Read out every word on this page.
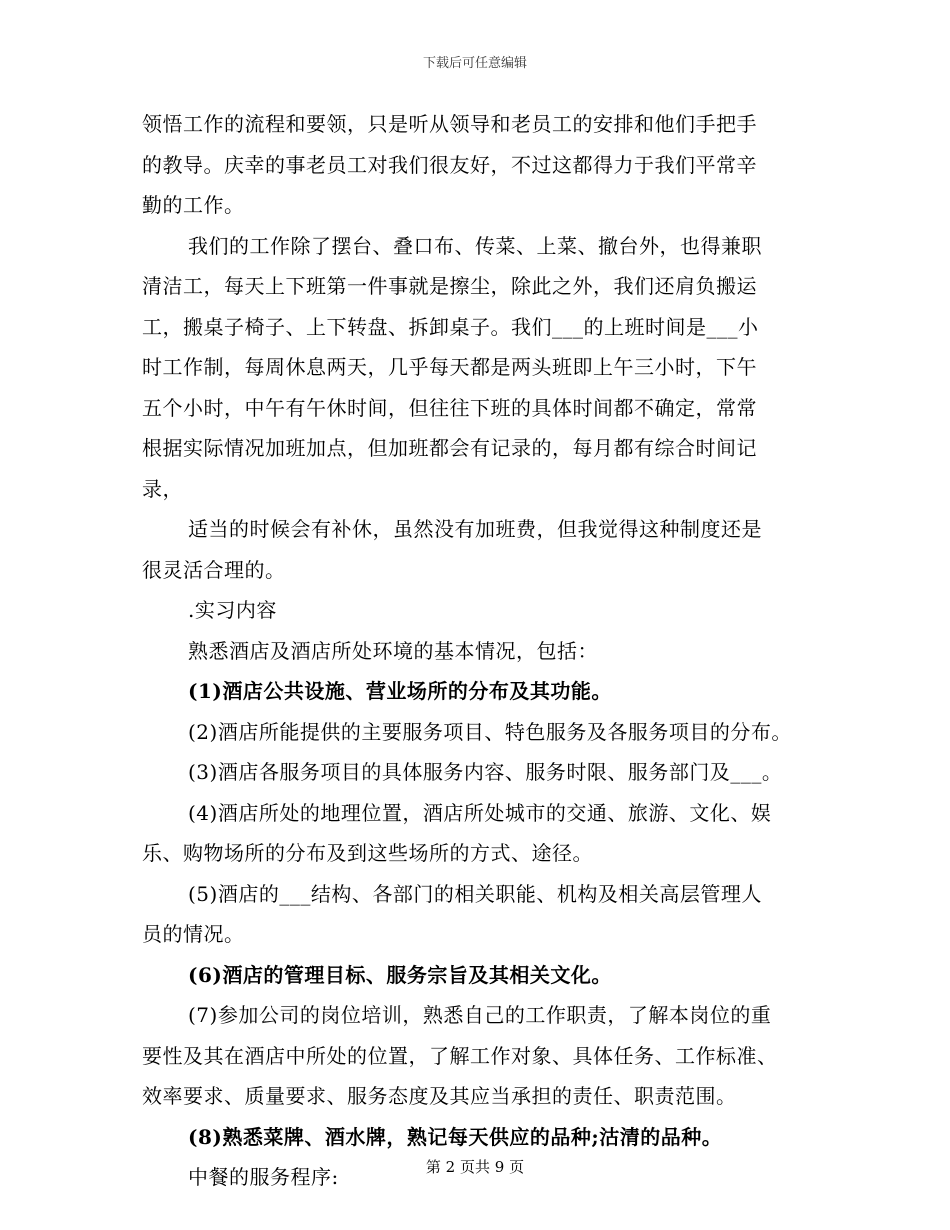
下载后可任意编辑
领悟工作的流程和要领，只是听从领导和老员工的安排和他们手把手
的教导。庆幸的事老员工对我们很友好，不过这都得力于我们平常辛
勤的工作。
我们的工作除了摆台、叠口布、传菜、上菜、撤台外，也得兼职
清洁工，每天上下班第一件事就是擦尘，除此之外，我们还肩负搬运
工，搬桌子椅子、上下转盘、拆卸桌子。我们___的上班时间是___小
时工作制，每周休息两天，几乎每天都是两头班即上午三小时，下午
五个小时，中午有午休时间，但往往下班的具体时间都不确定，常常
根据实际情况加班加点，但加班都会有记录的，每月都有综合时间记
录，
适当的时候会有补休，虽然没有加班费，但我觉得这种制度还是
很灵活合理的。
.实习内容
熟悉酒店及酒店所处环境的基本情况，包括：
(1)酒店公共设施、营业场所的分布及其功能。
(2)酒店所能提供的主要服务项目、特色服务及各服务项目的分布。
(3)酒店各服务项目的具体服务内容、服务时限、服务部门及___。
(4)酒店所处的地理位置，酒店所处城市的交通、旅游、文化、娱
乐、购物场所的分布及到这些场所的方式、途径。
(5)酒店的___结构、各部门的相关职能、机构及相关高层管理人
员的情况。
(6)酒店的管理目标、服务宗旨及其相关文化。
(7)参加公司的岗位培训，熟悉自己的工作职责，了解本岗位的重
要性及其在酒店中所处的位置，了解工作对象、具体任务、工作标准、
效率要求、质量要求、服务态度及其应当承担的责任、职责范围。
(8)熟悉菜牌、酒水牌，熟记每天供应的品种;沽清的品种。
中餐的服务程序:	第 2 页共 9 页
